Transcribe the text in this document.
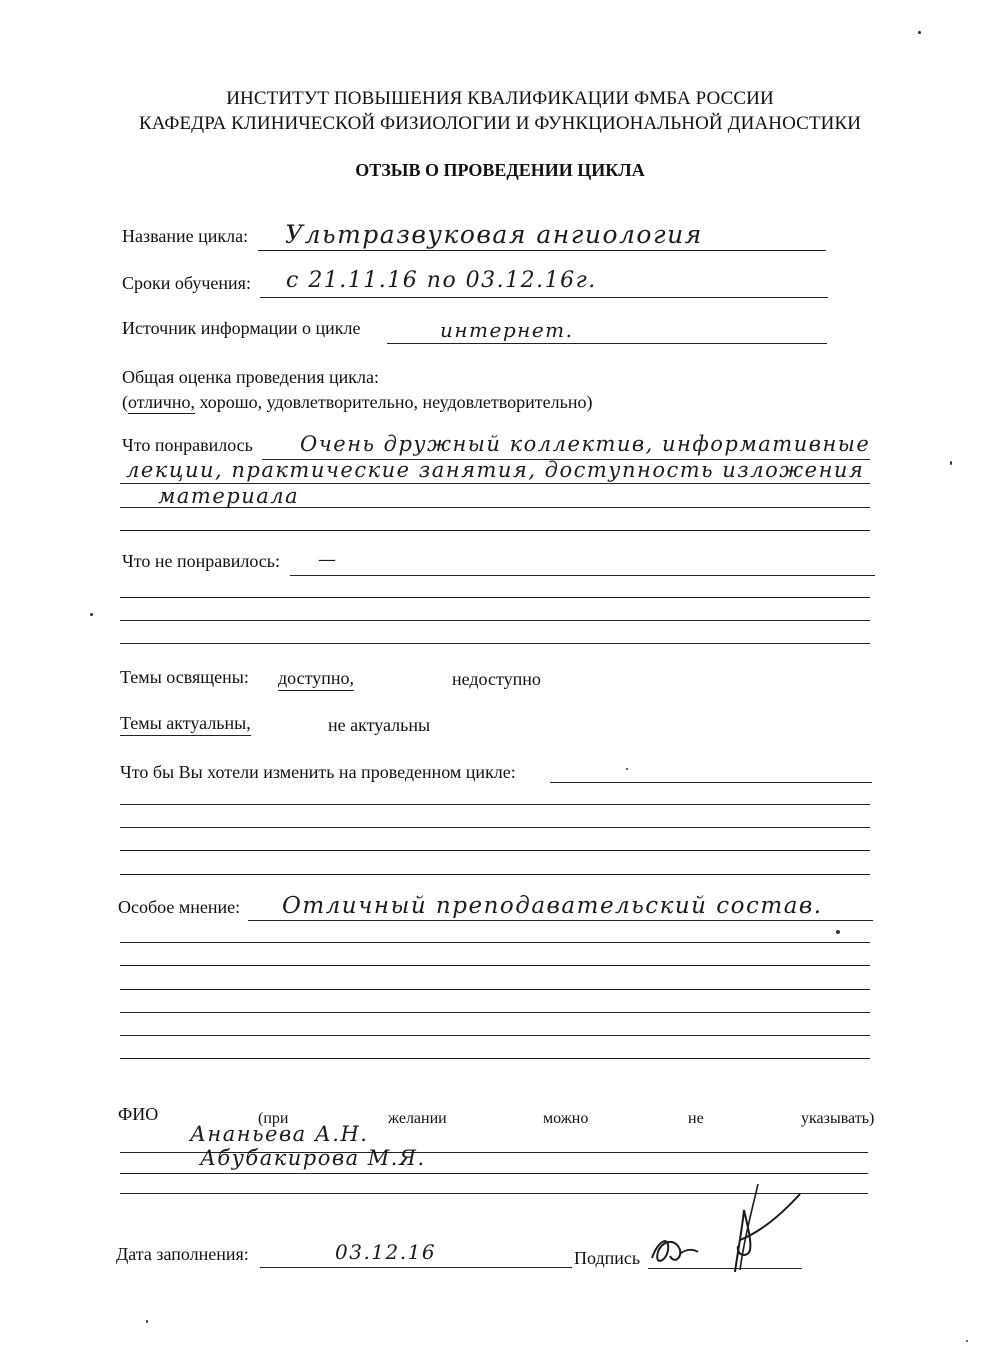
ИНСТИТУТ ПОВЫШЕНИЯ КВАЛИФИКАЦИИ ФМБА РОССИИ
КАФЕДРА КЛИНИЧЕСКОЙ ФИЗИОЛОГИИ И ФУНКЦИОНАЛЬНОЙ ДИАНОСТИКИ
ОТЗЫВ О ПРОВЕДЕНИИ ЦИКЛА
Название цикла: Ультразвуковая ангиология
Сроки обучения: с 21.11.16 по 03.12.16г.
Источник информации о цикле	интернет.
Общая оценка проведения цикла:
(отлично, хорошо, удовлетворительно, неудовлетворительно)
Что понравилось Очень дружный коллектив, информативные
лекции, практические занятия, доступность изложения
материала
Что не понравилось: —
Темы освящены: доступно,	недоступно
Темы актуальны,	не актуальны
Что бы Вы хотели изменить на проведенном цикле:
Особое мнение: Отличный преподавательский состав.
ФИО	(при	желании	можно	не	указывать)
Ананьева А.Н.
Абубакирова М.Я.
Дата заполнения:	03.12.16	Подпись
